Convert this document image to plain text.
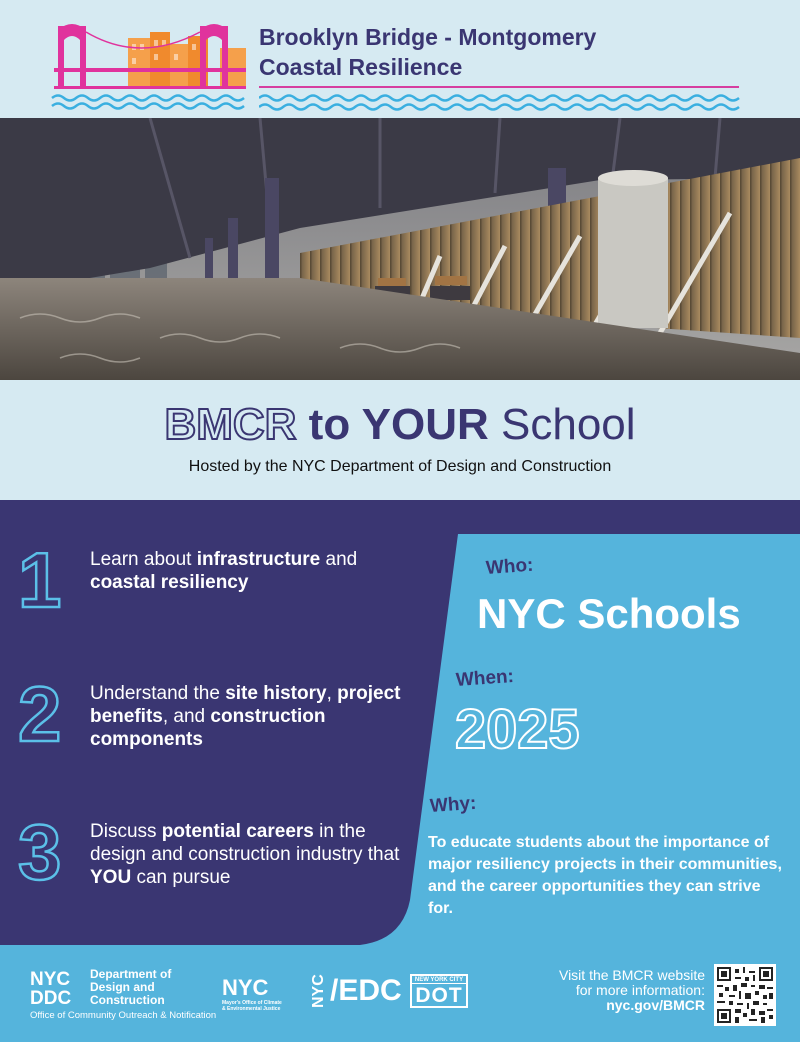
Brooklyn Bridge - Montgomery
Coastal Resilience
BMCR to YOUR School
Hosted by the NYC Department of Design and Construction
1 Learn about infrastructure and coastal resiliency
2 Understand the site history, project benefits, and construction components
3 Discuss potential careers in the design and construction industry that YOU can pursue
Who:
NYC Schools
When:
2025
Why:
To educate students about the importance of major resiliency projects in their communities, and the career opportunities they can strive for.
NYC
DDC
Department of
Design and
Construction
Office of Community Outreach & Notification
NYC
Mayor's Office of Climate & Environmental Justice
NYC /EDC	NEW YORK CITY
DOT
Visit the BMCR website
for more information:
nyc.gov/BMCR
